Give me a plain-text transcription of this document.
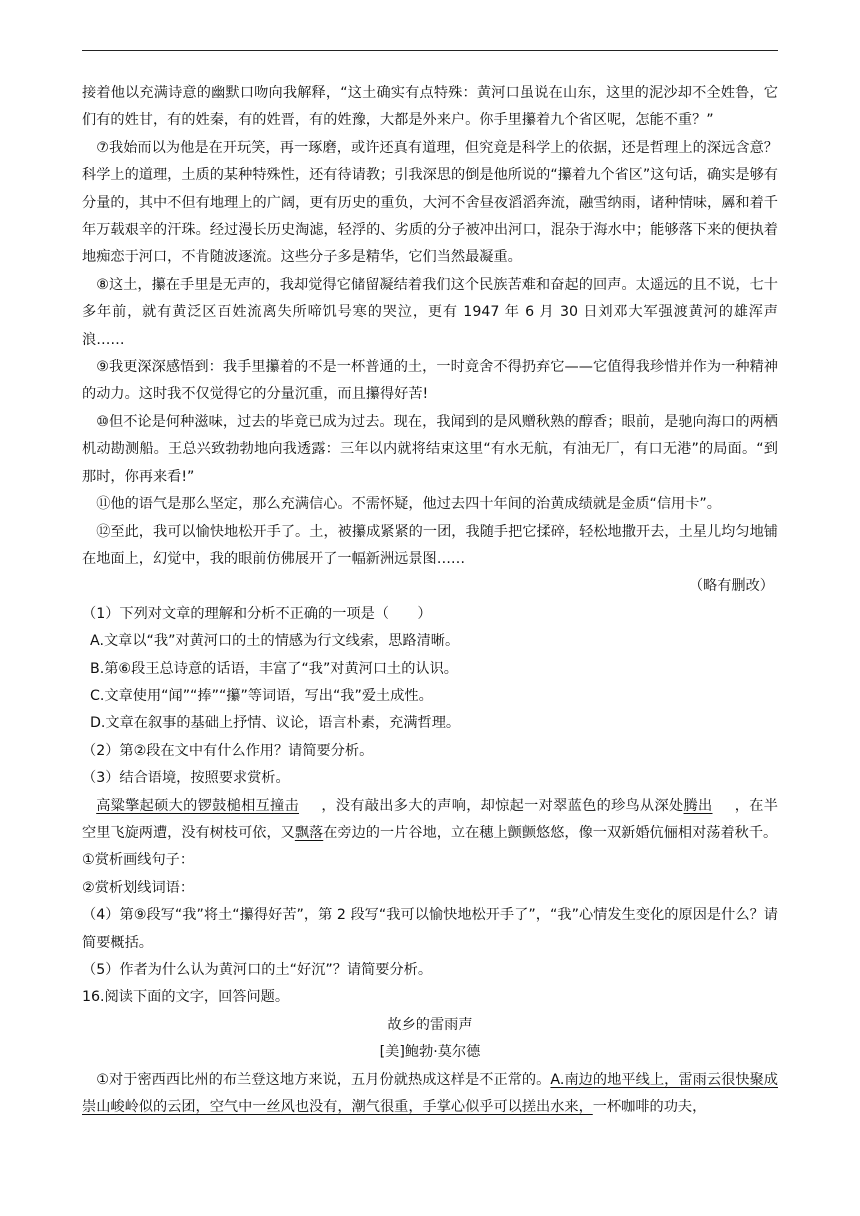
接着他以充满诗意的幽默口吻向我解释，“这土确实有点特殊：黄河口虽说在山东，这里的泥沙却不全姓鲁，它们有的姓甘，有的姓秦，有的姓晋，有的姓豫，大都是外来户。你手里攥着九个省区呢，怎能不重？”

⑦我始而以为他是在开玩笑，再一琢磨，或许还真有道理，但究竟是科学上的依据，还是哲理上的深远含意？科学上的道理，土质的某种特殊性，还有待请教；引我深思的倒是他所说的“攥着九个省区”这句话，确实是够有分量的，其中不但有地理上的广阔，更有历史的重负，大河不舍昼夜滔滔奔流，融雪纳雨，诸种情味，羼和着千年万载艰辛的汗珠。经过漫长历史淘滤，轻浮的、劣质的分子被冲出河口，混杂于海水中；能够落下来的便执着地痴恋于河口，不肯随波逐流。这些分子多是精华，它们当然最凝重。

⑧这土，攥在手里是无声的，我却觉得它储留凝结着我们这个民族苦难和奋起的回声。太遥远的且不说，七十多年前，就有黄泛区百姓流离失所啼饥号寒的哭泣，更有 1947 年 6 月 30 日刘邓大军强渡黄河的雄浑声浪……

⑨我更深深感悟到：我手里攥着的不是一杯普通的土，一时竟舍不得扔弃它——它值得我珍惜并作为一种精神的动力。这时我不仅觉得它的分量沉重，而且攥得好苦!

⑩但不论是何种滋味，过去的毕竟已成为过去。现在，我闻到的是风赠秋熟的醇香；眼前，是驰向海口的两栖机动勘测船。王总兴致勃勃地向我透露：三年以内就将结束这里“有水无航，有油无厂，有口无港”的局面。“到那时，你再来看!”

⑪他的语气是那么坚定，那么充满信心。不需怀疑，他过去四十年间的治黄成绩就是金质“信用卡”。

⑫至此，我可以愉快地松开手了。土，被攥成紧紧的一团，我随手把它揉碎，轻松地撒开去，土星儿均匀地铺在地面上，幻觉中，我的眼前仿佛展开了一幅新洲远景图……

（略有删改）

（1）下列对文章的理解和分析不正确的一项是（　　）

A.文章以“我”对黄河口的土的情感为行文线索，思路清晰。

B.第⑥段王总诗意的话语，丰富了“我”对黄河口土的认识。

C.文章使用“闻”“捧”“攥”等词语，写出“我”爱土成性。

D.文章在叙事的基础上抒情、议论，语言朴素，充满哲理。

（2）第②段在文中有什么作用？请简要分析。

（3）结合语境，按照要求赏析。

高粱擎起硕大的锣鼓槌相互撞击 ，没有敲出多大的声响，却惊起一对翠蓝色的珍鸟从深处腾出 ，在半空里飞旋两遭，没有树枝可依，又飘落在旁边的一片谷地，立在穗上颤颤悠悠，像一双新婚伉俪相对荡着秋千。

①赏析画线句子：

②赏析划线词语：

（4）第⑨段写“我”将土“攥得好苦”，第 2 段写“我可以愉快地松开手了”，“我”心情发生变化的原因是什么？请简要概括。

（5）作者为什么认为黄河口的土“好沉”？请简要分析。

16.阅读下面的文字，回答问题。

故乡的雷雨声

[美]鲍勃·莫尔德

①对于密西西比州的布兰登这地方来说，五月份就热成这样是不正常的。A.南边的地平线上，雷雨云很快聚成崇山峻岭似的云团，空气中一丝风也没有，潮气很重，手掌心似乎可以搓出水来，一杯咖啡的功夫，
